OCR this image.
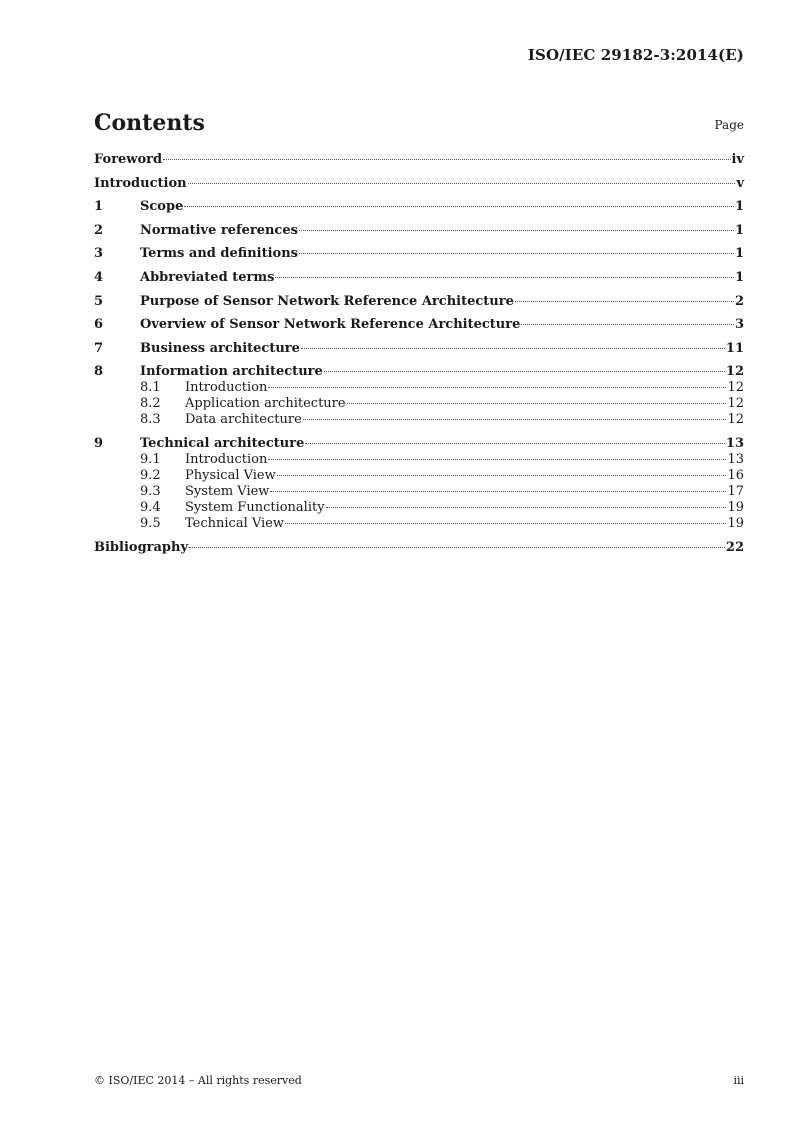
ISO/IEC 29182-3:2014(E)
Contents	Page
Foreword	iv
Introduction	v
1	Scope	1
2	Normative references	1
3	Terms and definitions	1
4	Abbreviated terms	1
5	Purpose of Sensor Network Reference Architecture	2
6	Overview of Sensor Network Reference Architecture	3
7	Business architecture	11
8	Information architecture	12
8.1	Introduction	12
8.2	Application architecture	12
8.3	Data architecture	12
9	Technical architecture	13
9.1	Introduction	13
9.2	Physical View	16
9.3	System View	17
9.4	System Functionality	19
9.5	Technical View	19
Bibliography	22
© ISO/IEC 2014 – All rights reserved	iii
